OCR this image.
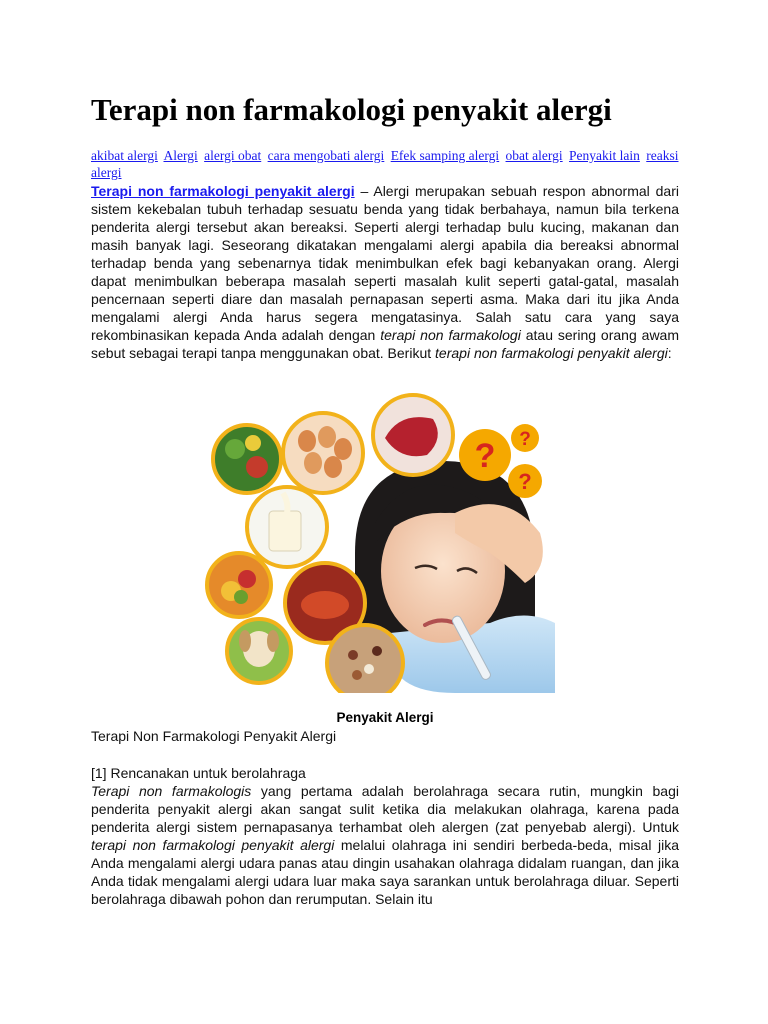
Terapi non farmakologi penyakit alergi
akibat alergi Alergi alergi obat cara mengobati alergi Efek samping alergi obat alergi Penyakit lain reaksi alergi

Terapi non farmakologi penyakit alergi – Alergi merupakan sebuah respon abnormal dari sistem kekebalan tubuh terhadap sesuatu benda yang tidak berbahaya, namun bila terkena penderita alergi tersebut akan bereaksi. Seperti alergi terhadap bulu kucing, makanan dan masih banyak lagi. Seseorang dikatakan mengalami alergi apabila dia bereaksi abnormal terhadap benda yang sebenarnya tidak menimbulkan efek bagi kebanyakan orang. Alergi dapat menimbulkan beberapa masalah seperti masalah kulit seperti gatal-gatal, masalah pencernaan seperti diare dan masalah pernapasan seperti asma. Maka dari itu jika Anda mengalami alergi Anda harus segera mengatasinya. Salah satu cara yang saya rekombinasikan kepada Anda adalah dengan terapi non farmakologi atau sering orang awam sebut sebagai terapi tanpa menggunakan obat. Berikut terapi non farmakologi penyakit alergi:

Penyakit Alergi
Terapi Non Farmakologi Penyakit Alergi
[1] Rencanakan untuk berolahraga

Terapi non farmakologis yang pertama adalah berolahraga secara rutin, mungkin bagi penderita penyakit alergi akan sangat sulit ketika dia melakukan olahraga, karena pada penderita alergi sistem pernapasanya terhambat oleh alergen (zat penyebab alergi). Untuk terapi non farmakologi penyakit alergi melalui olahraga ini sendiri berbeda-beda, misal jika Anda mengalami alergi udara panas atau dingin usahakan olahraga didalam ruangan, dan jika Anda tidak mengalami alergi udara luar maka saya sarankan untuk berolahraga diluar. Seperti berolahraga dibawah pohon dan rerumputan. Selain itu

? ?
?
